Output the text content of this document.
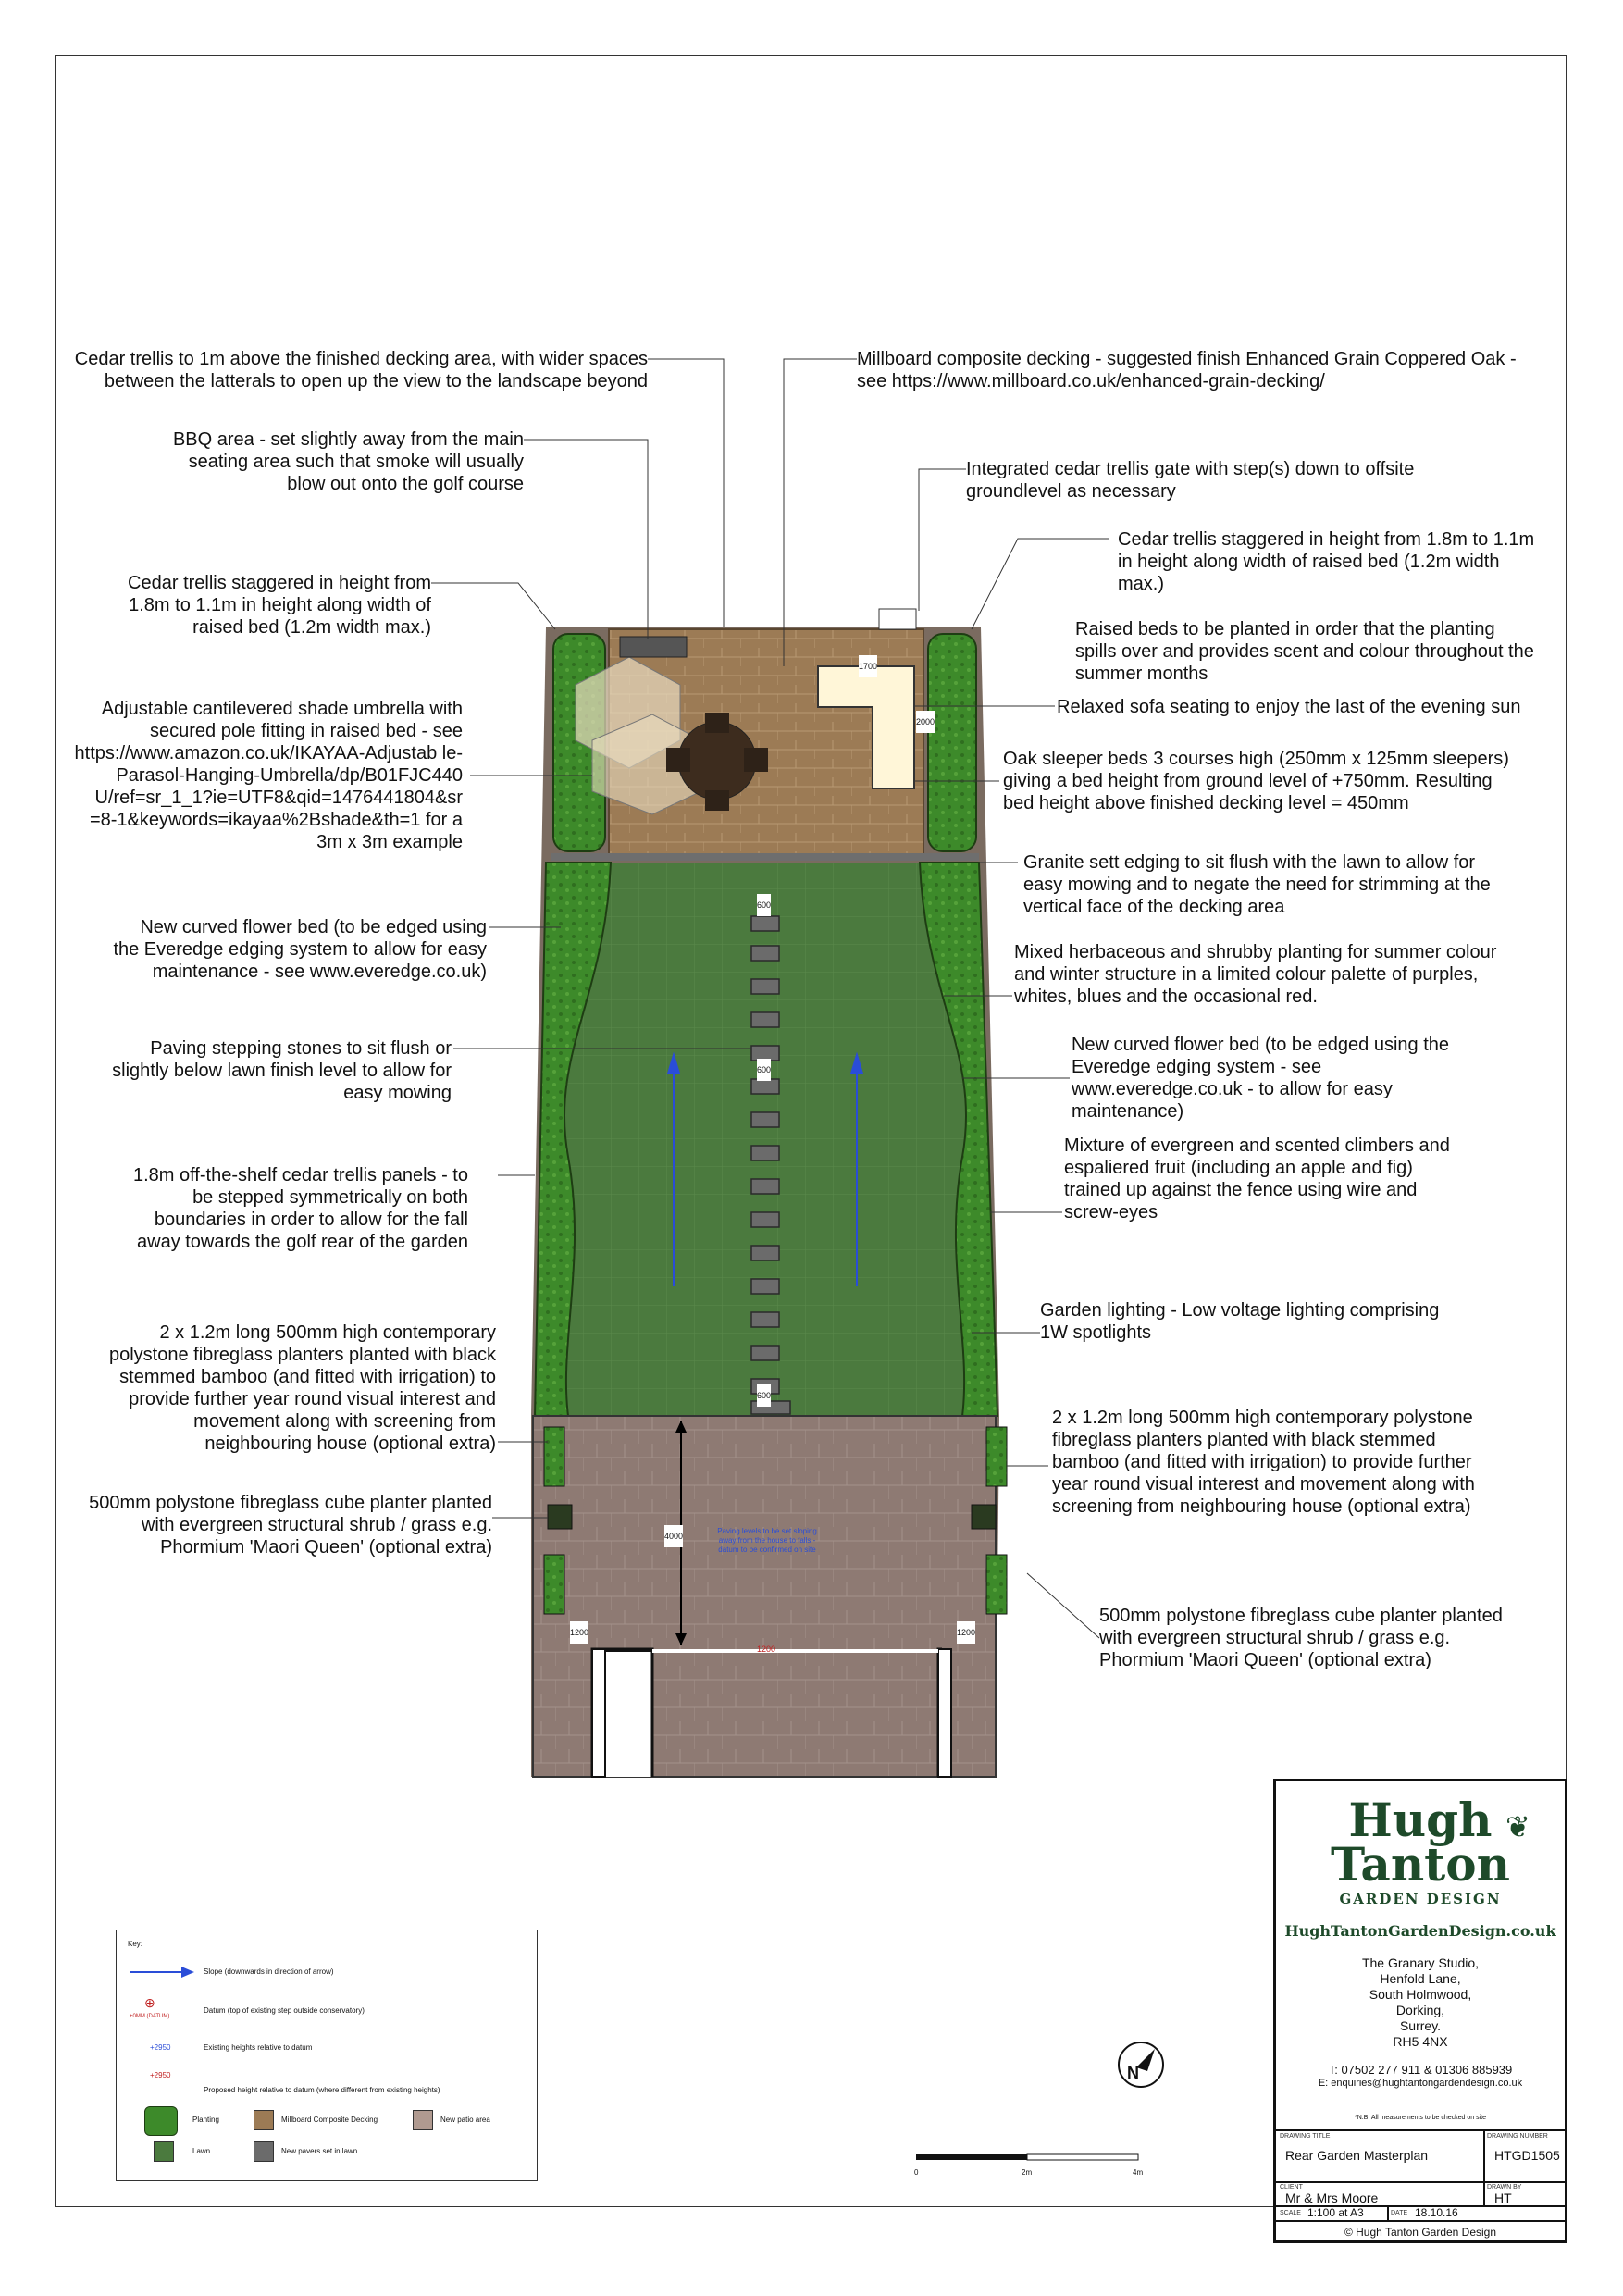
1700
2000
600
600
600
4000
1200
1200	1200
Paving levels to be set sloping away from the house to falls - datum to be confirmed on site
Cedar trellis to 1m above the finished decking area, with wider spaces between the latterals to open up the view to the landscape beyond
BBQ area - set slightly away from the main seating area such that smoke will usually blow out onto the golf course
Cedar trellis staggered in height from 1.8m to 1.1m in height along width of raised bed (1.2m width max.)
Adjustable cantilevered shade umbrella with secured pole fitting in raised bed - see https://www.amazon.co.uk/IKAYAA-Adjustab le-Parasol-Hanging-Umbrella/dp/B01FJC440 U/ref=sr_1_1?ie=UTF8&qid=1476441804&sr =8-1&keywords=ikayaa%2Bshade&th=1 for a 3m x 3m example
New curved flower bed (to be edged using the Everedge edging system to allow for easy maintenance - see www.everedge.co.uk)
Paving stepping stones to sit flush or slightly below lawn finish level to allow for easy mowing
1.8m off-the-shelf cedar trellis panels - to be stepped symmetrically on both boundaries in order to allow for the fall away towards the golf rear of the garden
2 x 1.2m long 500mm high contemporary polystone fibreglass planters planted with black stemmed bamboo (and fitted with irrigation) to provide further year round visual interest and movement along with screening from neighbouring house (optional extra)
500mm polystone fibreglass cube planter planted with evergreen structural shrub / grass e.g. Phormium 'Maori Queen' (optional extra)
Millboard composite decking - suggested finish Enhanced Grain Coppered Oak - see https://www.millboard.co.uk/enhanced-grain-decking/
Integrated cedar trellis gate with step(s) down to offsite groundlevel as necessary
Cedar trellis staggered in height from 1.8m to 1.1m in height along width of raised bed (1.2m width max.)
Raised beds to be planted in order that the planting spills over and provides scent and colour throughout the summer months
Relaxed sofa seating to enjoy the last of the evening sun
Oak sleeper beds 3 courses high (250mm x 125mm sleepers) giving a bed height from ground level of +750mm. Resulting bed height above finished decking level = 450mm
Granite sett edging to sit flush with the lawn to allow for easy mowing and to negate the need for strimming at the vertical face of the decking area
Mixed herbaceous and shrubby planting for summer colour and winter structure in a limited colour palette of purples, whites, blues and the occasional red.
New curved flower bed (to be edged using the Everedge edging system - see www.everedge.co.uk - to allow for easy maintenance)
Mixture of evergreen and scented climbers and espaliered fruit (including an apple and fig) trained up against the fence using wire and screw-eyes
Garden lighting - Low voltage lighting comprising 1W spotlights
2 x 1.2m long 500mm high contemporary polystone fibreglass planters planted with black stemmed bamboo (and fitted with irrigation) to provide further year round visual interest and movement along with screening from neighbouring house (optional extra)
500mm polystone fibreglass cube planter planted with evergreen structural shrub / grass e.g. Phormium 'Maori Queen' (optional extra)
Key:
Slope (downwards in direction of arrow)
⊕
+0MM (DATUM)
Datum (top of existing step outside conservatory)
+2950	Existing heights relative to datum
+2950
Proposed height relative to datum (where different from existing heights)
Planting	Millboard Composite Decking	New patio area
Lawn	New pavers set in lawn
N
0	2m	4m
Hugh
Tanton
❦
GARDEN DESIGN
HughTantonGardenDesign.co.uk
The Granary Studio,
Henfold Lane,
South Holmwood,
Dorking,
Surrey.
RH5 4NX
T: 07502 277 911 & 01306 885939
E: enquiries@hughtantongardendesign.co.uk
*N.B. All measurements to be checked on site
DRAWING TITLE
Rear Garden Masterplan
DRAWING NUMBER
HTGD1505
CLIENT
Mr & Mrs Moore
DRAWN BY
HT
SCALE 1:100 at A3	DATE 18.10.16
© Hugh Tanton Garden Design
